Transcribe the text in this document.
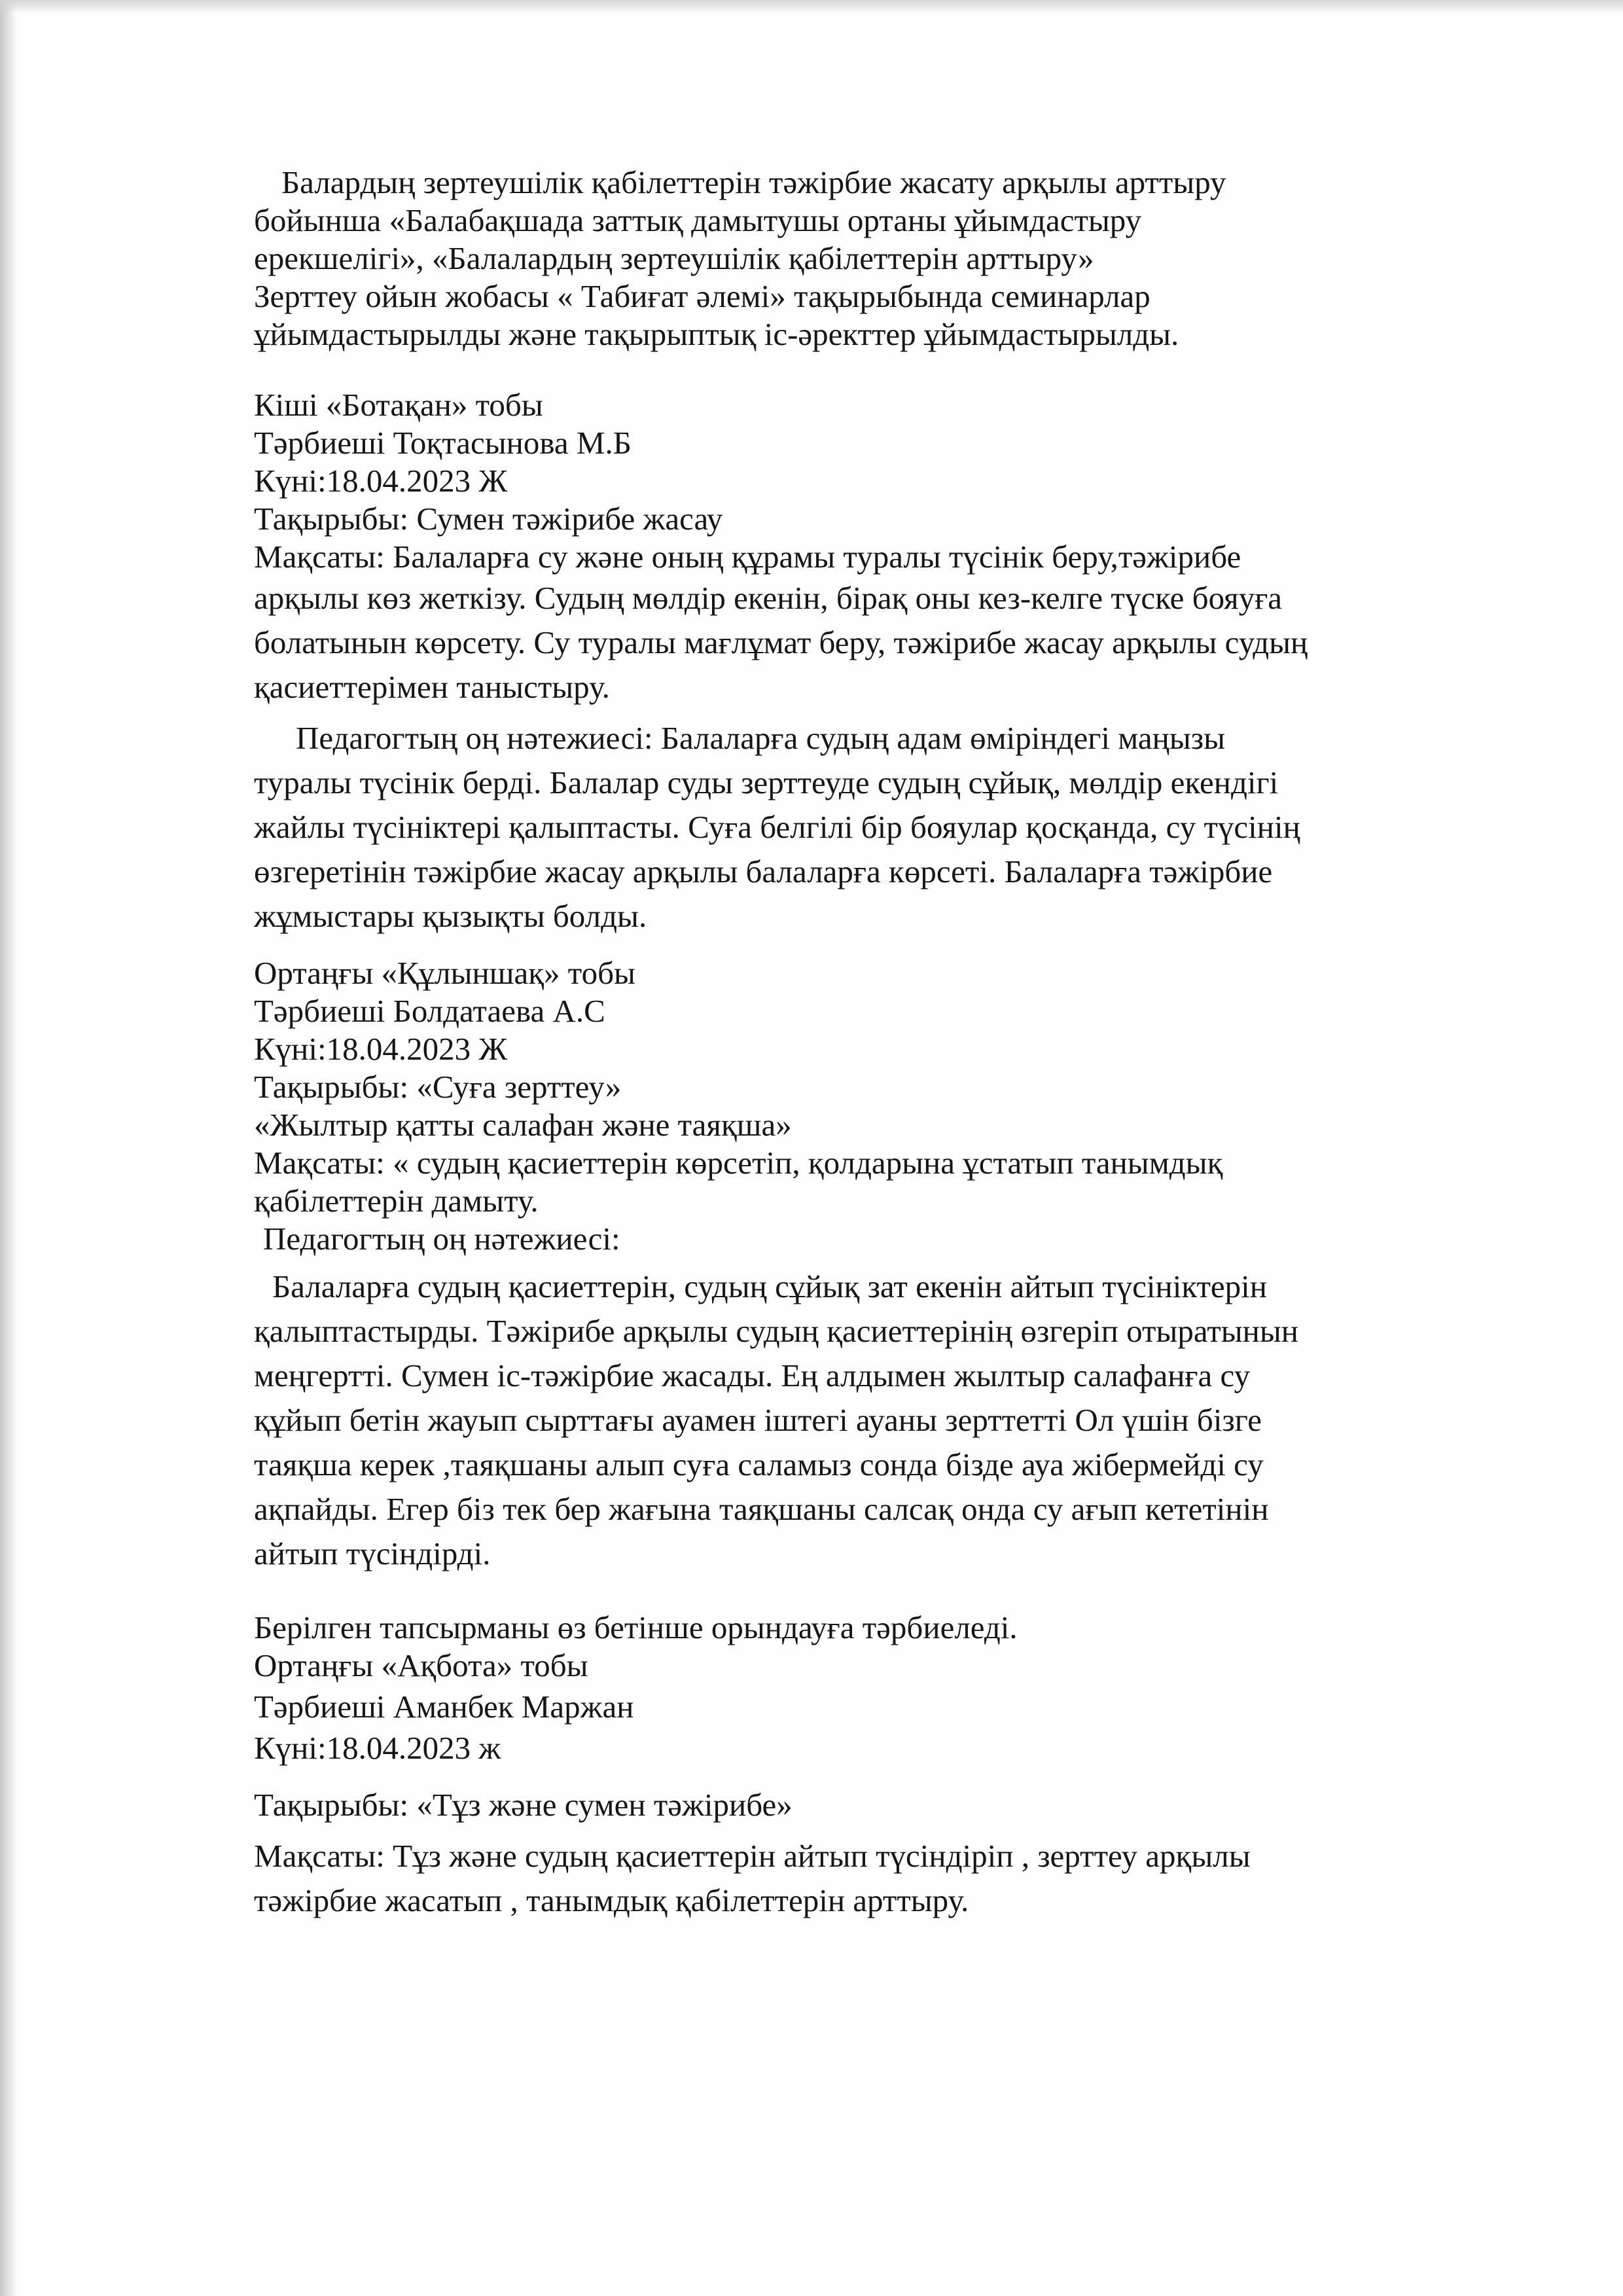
Балардың зертеушілік қабілеттерін тәжірбие жасату арқылы арттыру
бойынша «Балабақшада заттық дамытушы ортаны ұйымдастыру
ерекшелігі», «Балалардың зертеушілік қабілеттерін арттыру»
Зерттеу ойын жобасы « Табиғат әлемі» тақырыбында семинарлар
ұйымдастырылды және тақырыптық іс-әректтер ұйымдастырылды.
Кіші «Ботақан» тобы
Тәрбиеші Тоқтасынова М.Б
Күні:18.04.2023 Ж
Тақырыбы: Сумен тәжірибе жасау
Мақсаты: Балаларға су және оның құрамы туралы түсінік беру,тәжірибе
арқылы көз жеткізу. Судың мөлдір екенін, бірақ оны кез-келге түске бояуға
болатынын көрсету. Су туралы мағлұмат беру, тәжірибе жасау арқылы судың
қасиеттерімен таныстыру.
Педагогтың оң нәтежиесі: Балаларға судың адам өміріндегі маңызы
туралы түсінік берді. Балалар суды зерттеуде судың сұйық, мөлдір екендігі
жайлы түсініктері қалыптасты. Суға белгілі бір бояулар қосқанда, су түсінің
өзгеретінін тәжірбие жасау арқылы балаларға көрсеті. Балаларға тәжірбие
жұмыстары қызықты болды.
Ортаңғы «Құлыншақ» тобы
Тәрбиеші Болдатаева А.С
Күні:18.04.2023 Ж
Тақырыбы: «Суға зерттеу»
«Жылтыр қатты салафан және таяқша»
Мақсаты: « судың қасиеттерін көрсетіп, қолдарына ұстатып танымдық
қабілеттерін дамыту.
Педагогтың оң нәтежиесі:
Балаларға судың қасиеттерін, судың сұйық зат екенін айтып түсініктерін
қалыптастырды. Тәжірибе арқылы судың қасиеттерінің өзгеріп отыратынын
меңгертті. Сумен іс-тәжірбие жасады. Ең алдымен жылтыр салафанға су
құйып бетін жауып сырттағы ауамен іштегі ауаны зерттетті Ол үшін бізге
таяқша керек ,таяқшаны алып суға саламыз сонда бізде ауа жібермейді су
ақпайды. Егер біз тек бер жағына таяқшаны салсақ онда су ағып кететінін
айтып түсіндірді.
Берілген тапсырманы өз бетінше орындауға тәрбиеледі.
Ортаңғы «Ақбота» тобы
Тәрбиеші Аманбек Маржан
Күні:18.04.2023 ж
Тақырыбы: «Тұз және сумен тәжірибе»
Мақсаты: Тұз және судың қасиеттерін айтып түсіндіріп , зерттеу арқылы
тәжірбие жасатып , танымдық қабілеттерін арттыру.
